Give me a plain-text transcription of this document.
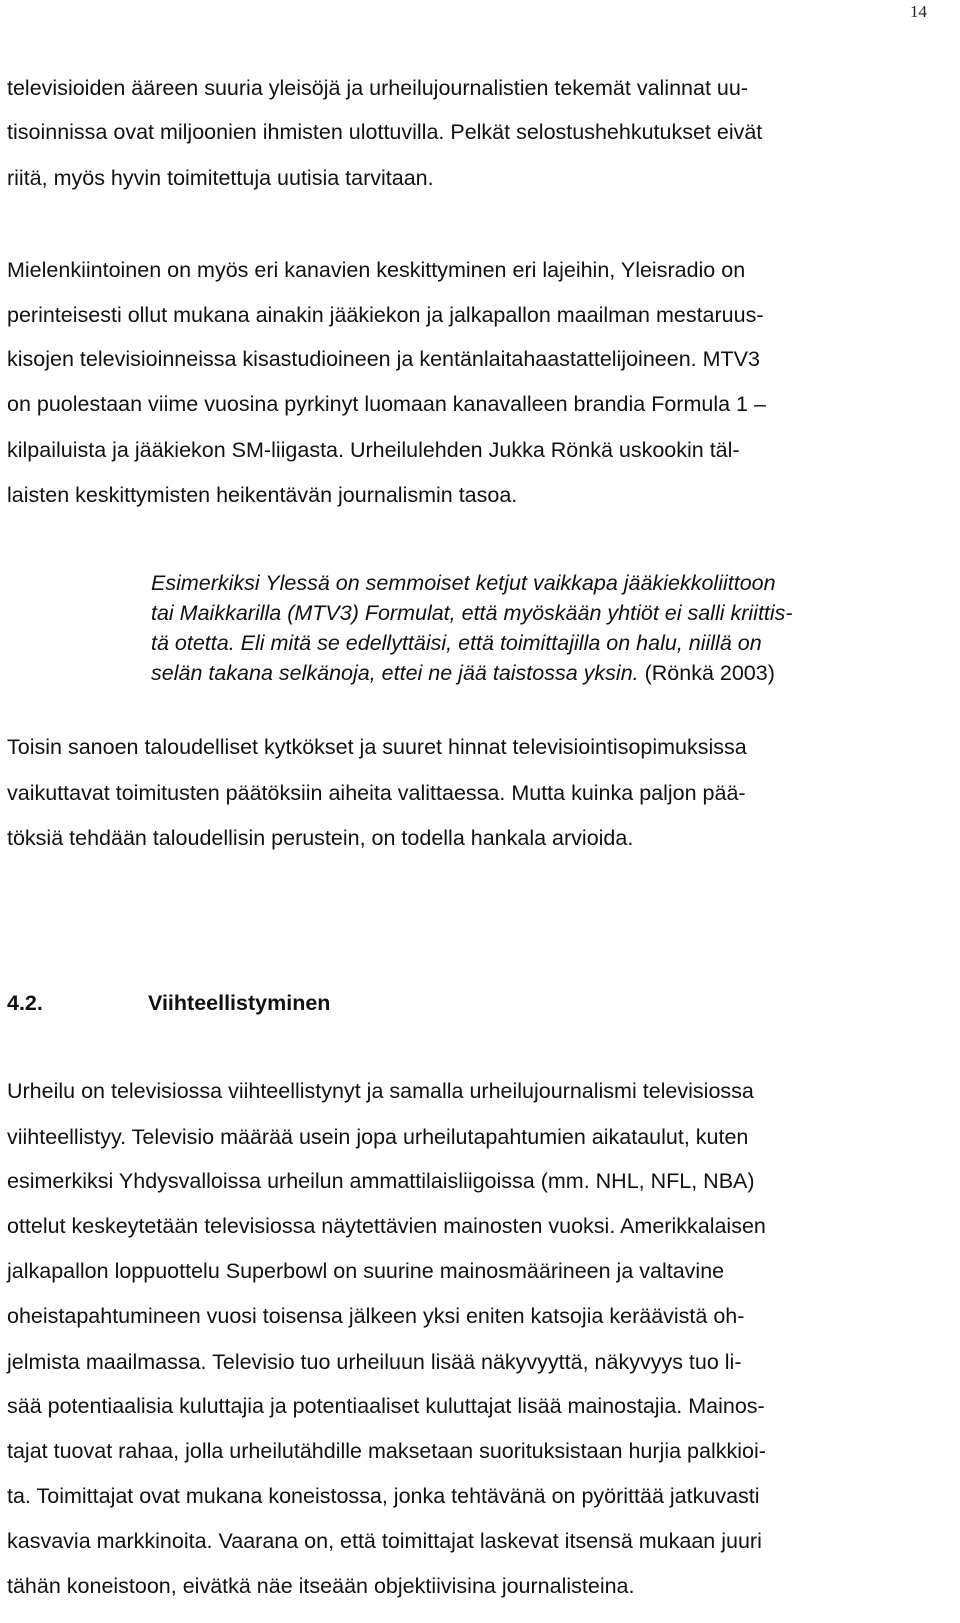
14
televisioiden ääreen suuria yleisöjä ja urheilujournalistien tekemät valinnat uu-
tisoinnissa ovat miljoonien ihmisten ulottuvilla. Pelkät selostushehkutukset eivät
riitä, myös hyvin toimitettuja uutisia tarvitaan.
Mielenkiintoinen on myös eri kanavien keskittyminen eri lajeihin, Yleisradio on
perinteisesti ollut mukana ainakin jääkiekon ja jalkapallon maailman mestaruus-
kisojen televisioinneissa kisastudioineen ja kentänlaitahaastattelijoineen. MTV3
on puolestaan viime vuosina pyrkinyt luomaan kanavalleen brandia Formula 1 –
kilpailuista ja jääkiekon SM-liigasta. Urheilulehden Jukka Rönkä uskookin täl-
laisten keskittymisten heikentävän journalismin tasoa.
Esimerkiksi Ylessä on semmoiset ketjut vaikkapa jääkiekkoliittoon
tai Maikkarilla (MTV3) Formulat, että myöskään yhtiöt ei salli kriittis-
tä otetta. Eli mitä se edellyttäisi, että toimittajilla on halu, niillä on
selän takana selkänoja, ettei ne jää taistossa yksin. (Rönkä 2003)
Toisin sanoen taloudelliset kytkökset ja suuret hinnat televisiointisopimuksissa
vaikuttavat toimitusten päätöksiin aiheita valittaessa. Mutta kuinka paljon pää-
töksiä tehdään taloudellisin perustein, on todella hankala arvioida.
4.2.	Viihteellistyminen
Urheilu on televisiossa viihteellistynyt ja samalla urheilujournalismi televisiossa
viihteellistyy. Televisio määrää usein jopa urheilutapahtumien aikataulut, kuten
esimerkiksi Yhdysvalloissa urheilun ammattilaisliigoissa (mm. NHL, NFL, NBA)
ottelut keskeytetään televisiossa näytettävien mainosten vuoksi. Amerikkalaisen
jalkapallon loppuottelu Superbowl on suurine mainosmäärineen ja valtavine
oheistapahtumineen vuosi toisensa jälkeen yksi eniten katsojia keräävistä oh-
jelmista maailmassa. Televisio tuo urheiluun lisää näkyvyyttä, näkyvyys tuo li-
sää potentiaalisia kuluttajia ja potentiaaliset kuluttajat lisää mainostajia. Mainos-
tajat tuovat rahaa, jolla urheilutähdille maksetaan suorituksistaan hurjia palkkioi-
ta. Toimittajat ovat mukana koneistossa, jonka tehtävänä on pyörittää jatkuvasti
kasvavia markkinoita. Vaarana on, että toimittajat laskevat itsensä mukaan juuri
tähän koneistoon, eivätkä näe itseään objektiivisina journalisteina.
